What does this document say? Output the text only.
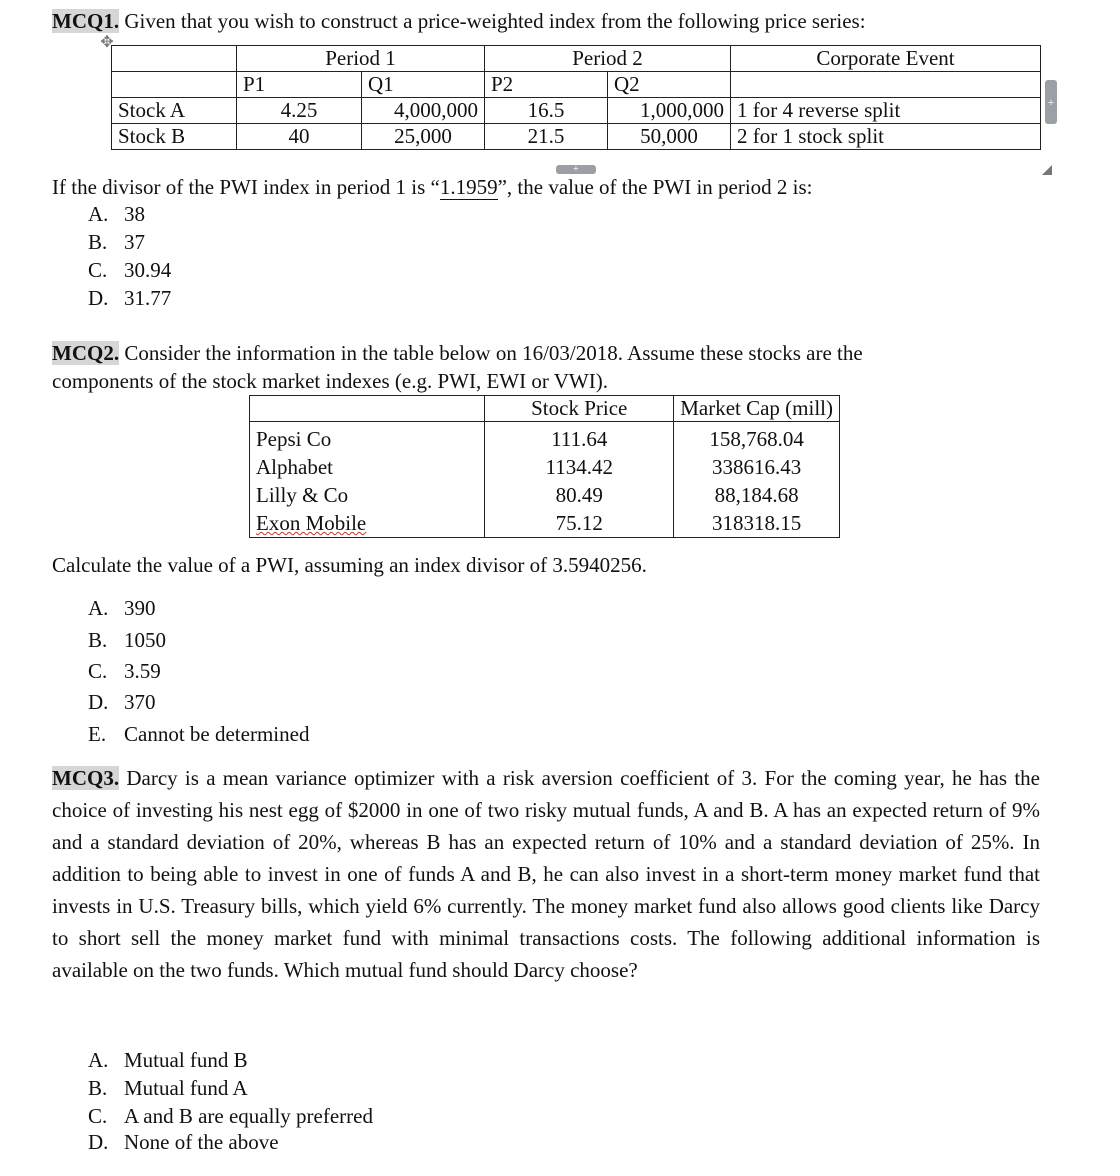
MCQ1. Given that you wish to construct a price-weighted index from the following price series:
✥
	Period 1		Period 2		Corporate Event
	P1	Q1	P2	Q2	
Stock A	4.25	4,000,000	16.5	1,000,000	1 for 4 reverse split
Stock B	40	25,000	21.5	50,000	2 for 1 stock split
+
+
If the divisor of the PWI index in period 1 is “1.1959”, the value of the PWI in period 2 is:
A. 38
B. 37
C. 30.94
D. 31.77
MCQ2. Consider the information in the table below on 16/03/2018. Assume these stocks are the
components of the stock market indexes (e.g. PWI, EWI or VWI).
	Stock Price	Market Cap (mill)
Pepsi Co	111.64	158,768.04
Alphabet	1134.42	338616.43
Lilly & Co	80.49	88,184.68
Exon Mobile	75.12	318318.15
Calculate the value of a PWI, assuming an index divisor of 3.5940256.
A. 390
B. 1050
C. 3.59
D. 370
E. Cannot be determined
MCQ3. Darcy is a mean variance optimizer with a risk aversion coefficient of 3. For the coming year, he has the choice of investing his nest egg of $2000 in one of two risky mutual funds, A and B. A has an expected return of 9% and a standard deviation of 20%, whereas B has an expected return of 10% and a standard deviation of 25%. In addition to being able to invest in one of funds A and B, he can also invest in a short-term money market fund that invests in U.S. Treasury bills, which yield 6% currently. The money market fund also allows good clients like Darcy to short sell the money market fund with minimal transactions costs. The following additional information is available on the two funds. Which mutual fund should Darcy choose?
A. Mutual fund B
B. Mutual fund A
C. A and B are equally preferred
D. None of the above
